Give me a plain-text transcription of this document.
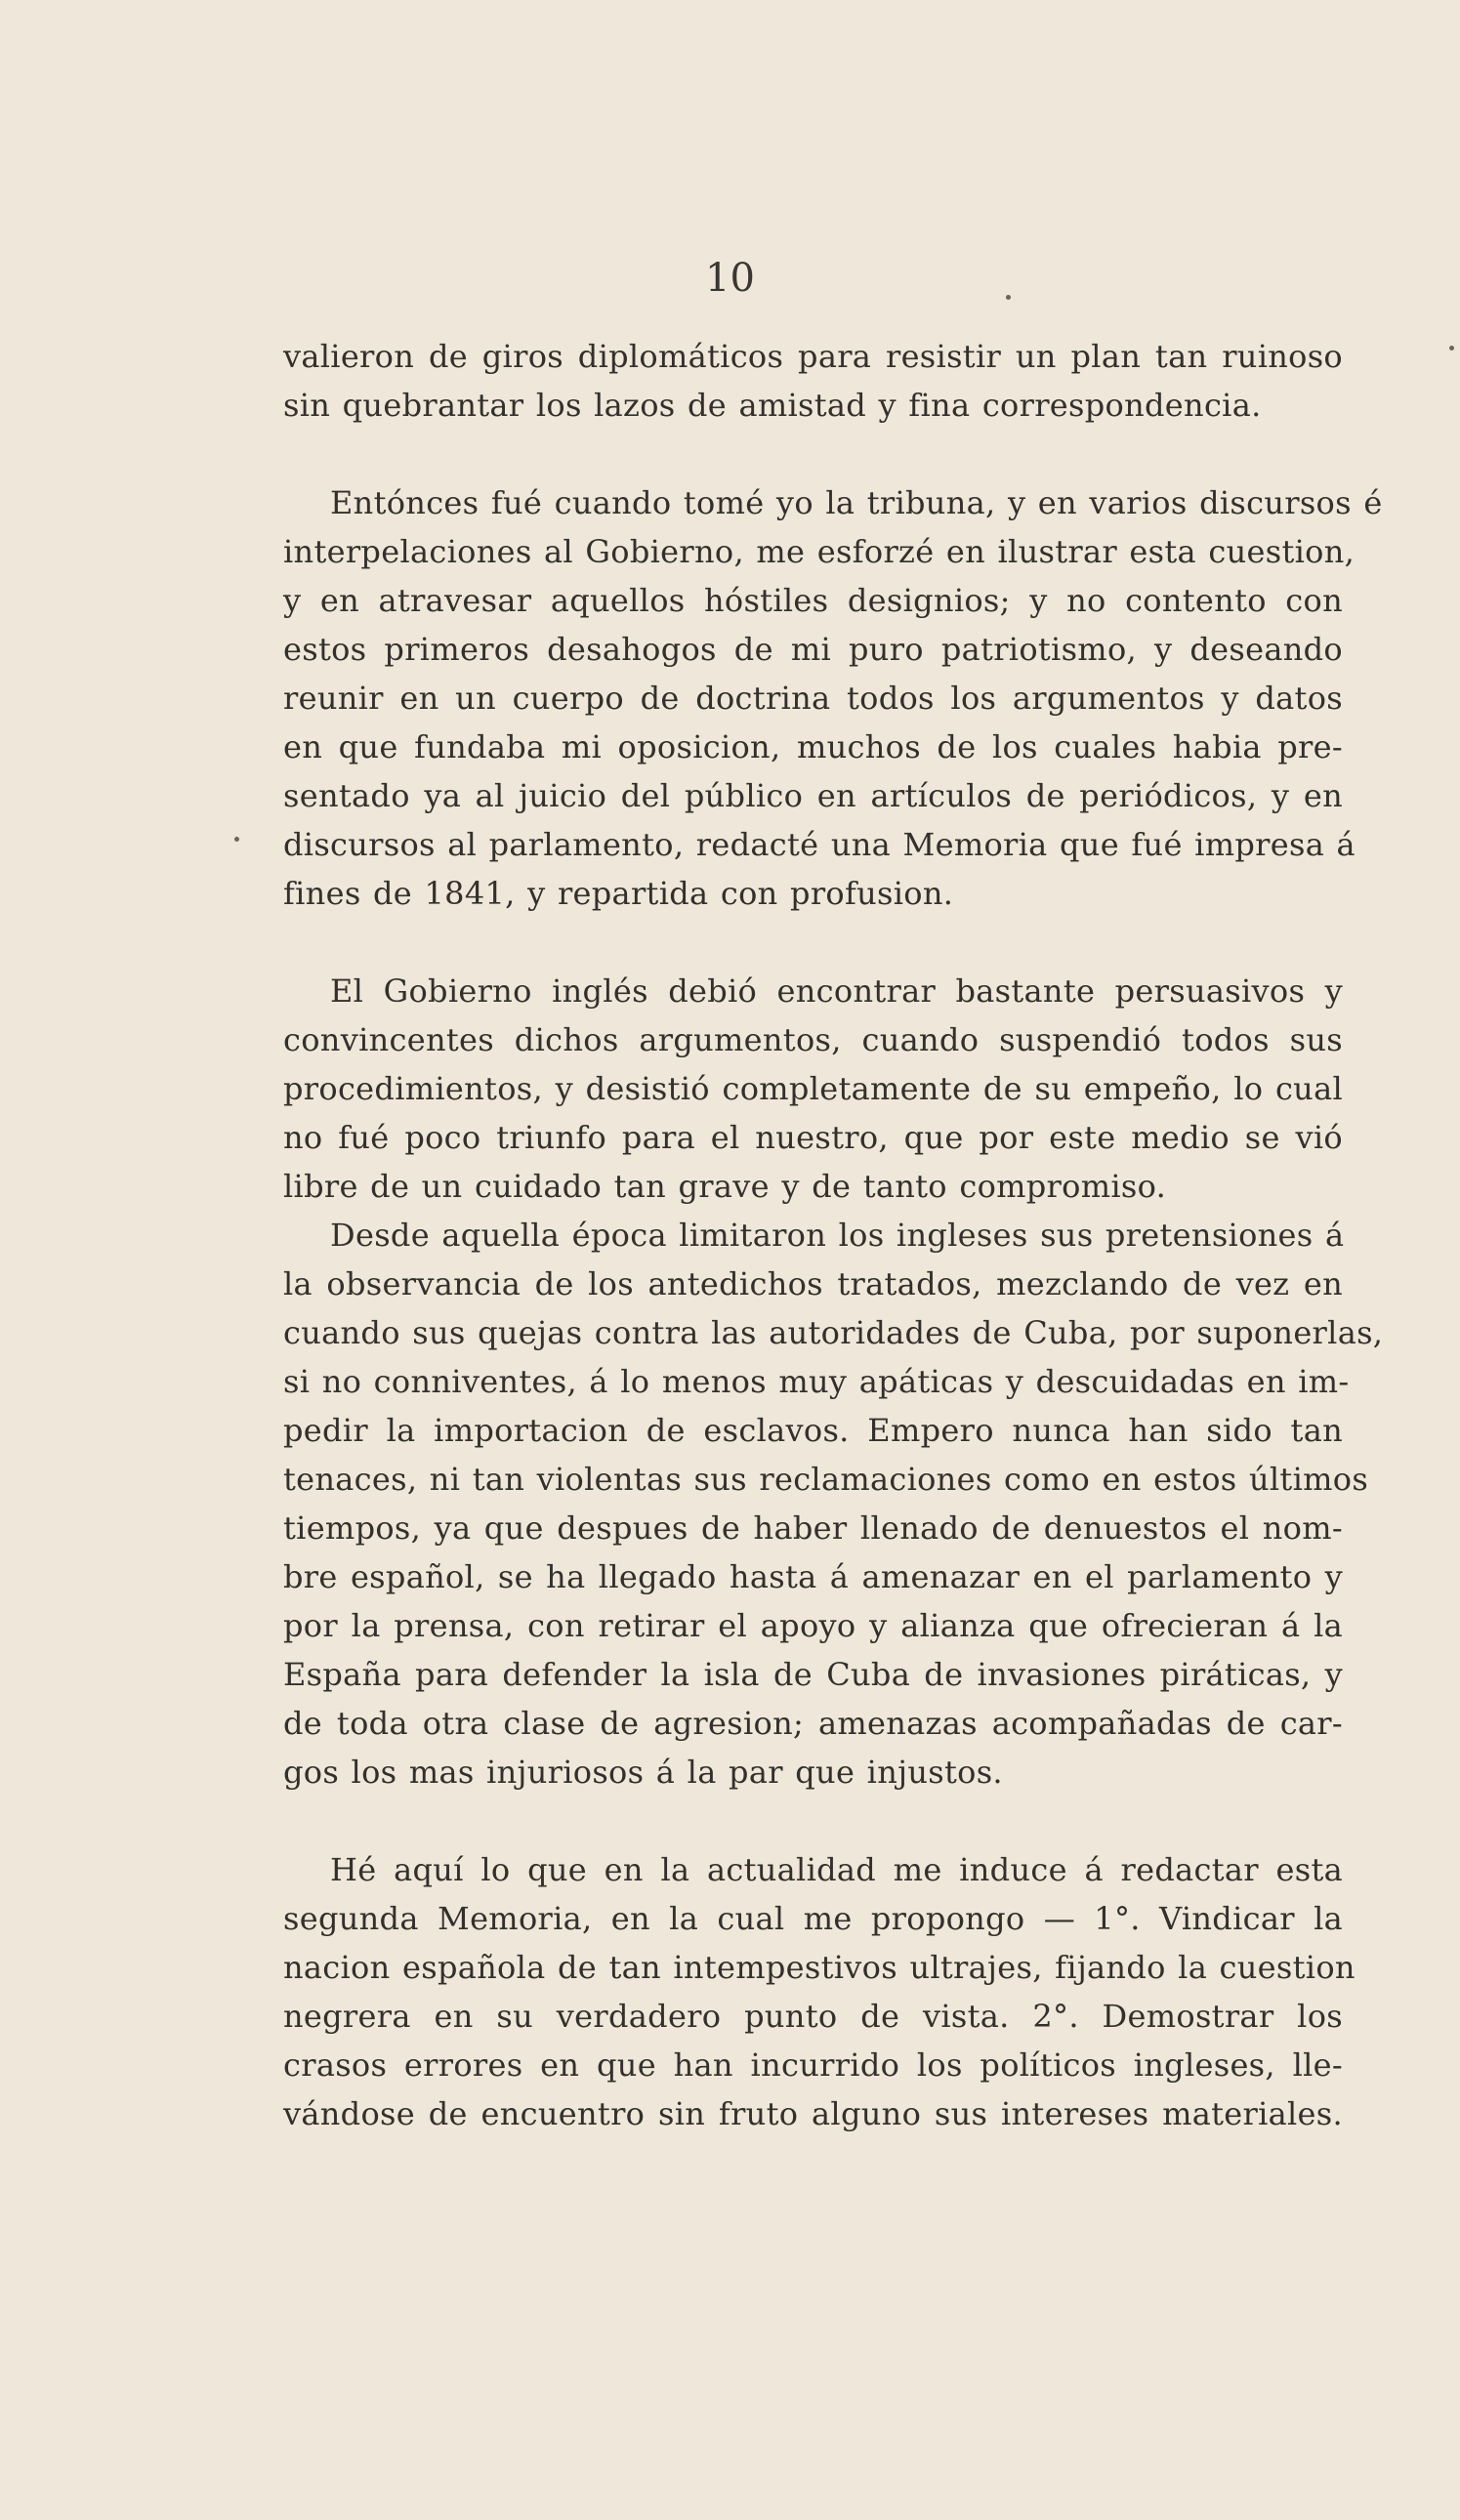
10
valieron de giros diplomáticos para resistir un plan tan ruinoso
sin quebrantar los lazos de amistad y fina correspondencia.
Entónces fué cuando tomé yo la tribuna, y en varios discursos é
interpelaciones al Gobierno, me esforzé en ilustrar esta cuestion,
y en atravesar aquellos hóstiles designios; y no contento con
estos primeros desahogos de mi puro patriotismo, y deseando
reunir en un cuerpo de doctrina todos los argumentos y datos
en que fundaba mi oposicion, muchos de los cuales habia pre-
sentado ya al juicio del público en artículos de periódicos, y en
discursos al parlamento, redacté una Memoria que fué impresa á
fines de 1841, y repartida con profusion.
El Gobierno inglés debió encontrar bastante persuasivos y
convincentes dichos argumentos, cuando suspendió todos sus
procedimientos, y desistió completamente de su empeño, lo cual
no fué poco triunfo para el nuestro, que por este medio se vió
libre de un cuidado tan grave y de tanto compromiso.
Desde aquella época limitaron los ingleses sus pretensiones á
la observancia de los antedichos tratados, mezclando de vez en
cuando sus quejas contra las autoridades de Cuba, por suponerlas,
si no conniventes, á lo menos muy apáticas y descuidadas en im-
pedir la importacion de esclavos. Empero nunca han sido tan
tenaces, ni tan violentas sus reclamaciones como en estos últimos
tiempos, ya que despues de haber llenado de denuestos el nom-
bre español, se ha llegado hasta á amenazar en el parlamento y
por la prensa, con retirar el apoyo y alianza que ofrecieran á la
España para defender la isla de Cuba de invasiones piráticas, y
de toda otra clase de agresion; amenazas acompañadas de car-
gos los mas injuriosos á la par que injustos.
Hé aquí lo que en la actualidad me induce á redactar esta
segunda Memoria, en la cual me propongo — 1°. Vindicar la
nacion española de tan intempestivos ultrajes, fijando la cuestion
negrera en su verdadero punto de vista. 2°. Demostrar los
crasos errores en que han incurrido los políticos ingleses, lle-
vándose de encuentro sin fruto alguno sus intereses materiales.
